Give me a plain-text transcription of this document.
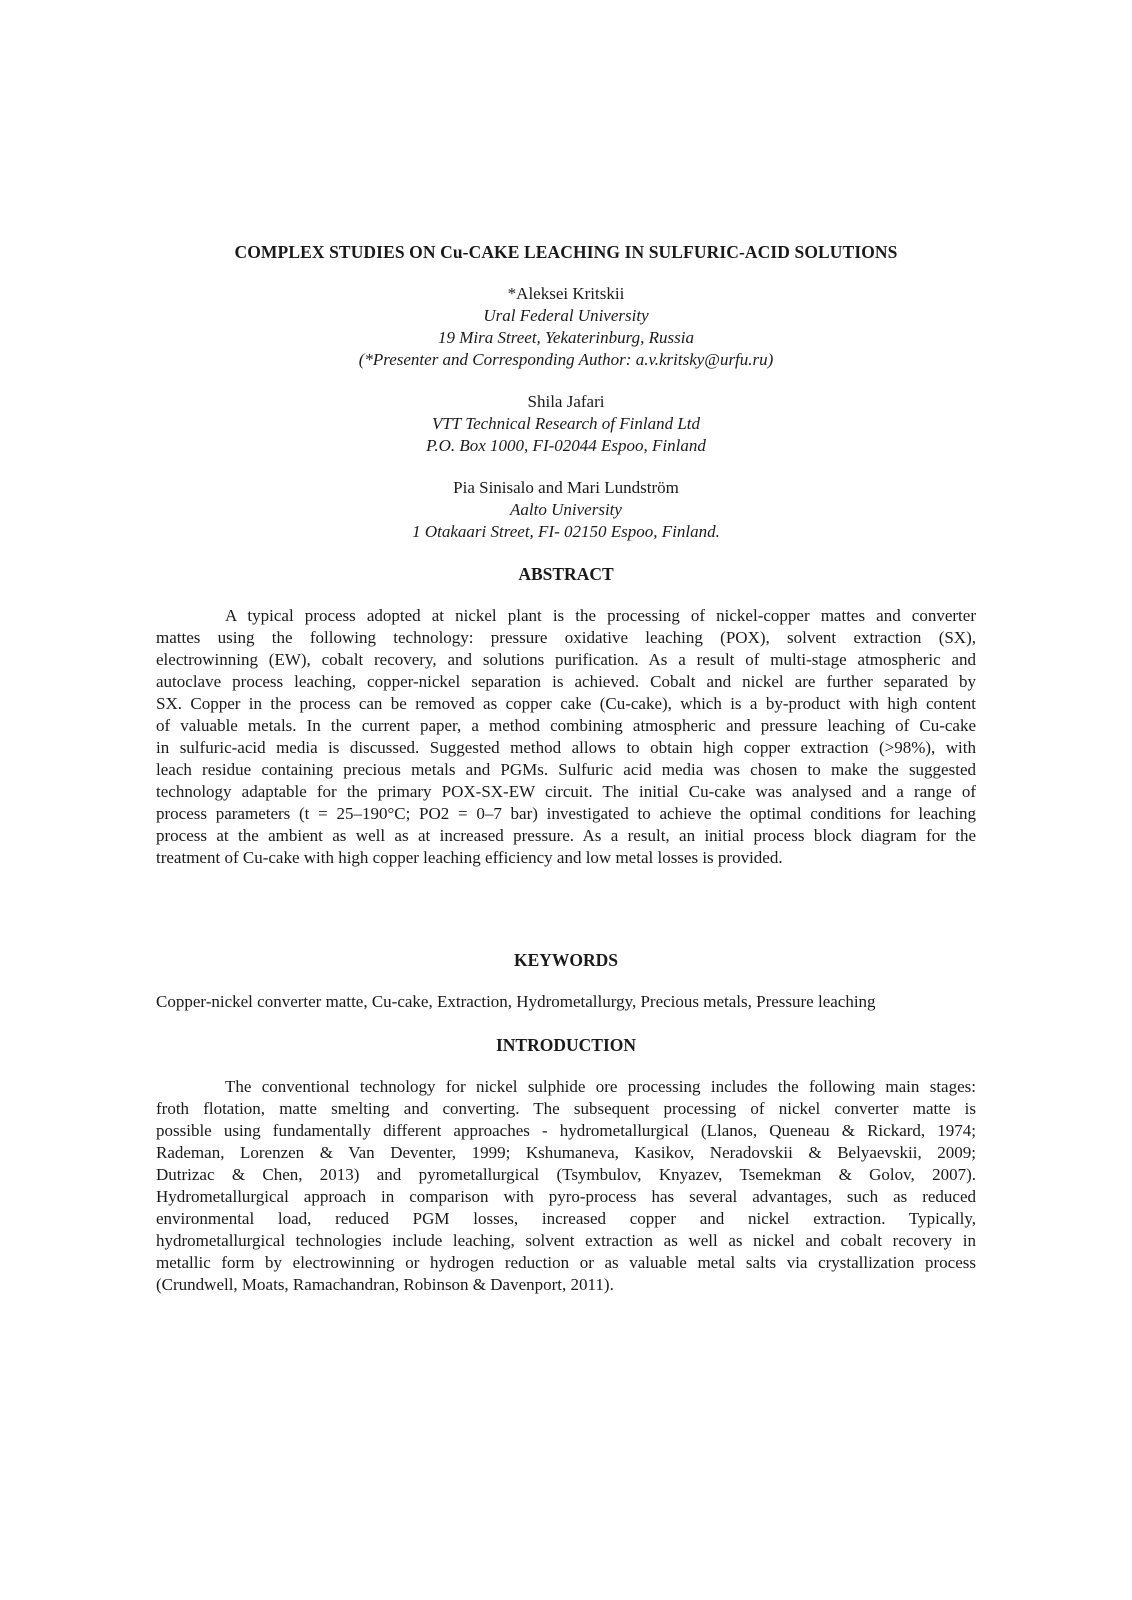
COMPLEX STUDIES ON Cu-CAKE LEACHING IN SULFURIC-ACID SOLUTIONS
*Aleksei Kritskii
Ural Federal University
19 Mira Street, Yekaterinburg, Russia
(*Presenter and Corresponding Author: a.v.kritsky@urfu.ru)
Shila Jafari
VTT Technical Research of Finland Ltd
P.O. Box 1000, FI-02044 Espoo, Finland
Pia Sinisalo and Mari Lundström
Aalto University
1 Otakaari Street, FI- 02150 Espoo, Finland.
ABSTRACT
A typical process adopted at nickel plant is the processing of nickel-copper mattes and converter
mattes using the following technology: pressure oxidative leaching (POX), solvent extraction (SX),
electrowinning (EW), cobalt recovery, and solutions purification. As a result of multi-stage atmospheric and
autoclave process leaching, copper-nickel separation is achieved. Cobalt and nickel are further separated by
SX. Copper in the process can be removed as copper cake (Cu-cake), which is a by-product with high content
of valuable metals. In the current paper, a method combining atmospheric and pressure leaching of Cu-cake
in sulfuric-acid media is discussed. Suggested method allows to obtain high copper extraction (>98%), with
leach residue containing precious metals and PGMs. Sulfuric acid media was chosen to make the suggested
technology adaptable for the primary POX-SX-EW circuit. The initial Cu-cake was analysed and a range of
process parameters (t = 25–190°C; PO2 = 0–7 bar) investigated to achieve the optimal conditions for leaching
process at the ambient as well as at increased pressure. As a result, an initial process block diagram for the
treatment of Cu-cake with high copper leaching efficiency and low metal losses is provided.
KEYWORDS
Copper-nickel converter matte, Cu-cake, Extraction, Hydrometallurgy, Precious metals, Pressure leaching
INTRODUCTION
The conventional technology for nickel sulphide ore processing includes the following main stages:
froth flotation, matte smelting and converting. The subsequent processing of nickel converter matte is
possible using fundamentally different approaches - hydrometallurgical (Llanos, Queneau & Rickard, 1974;
Rademan, Lorenzen & Van Deventer, 1999; Kshumaneva, Kasikov, Neradovskii & Belyaevskii, 2009;
Dutrizac & Chen, 2013) and pyrometallurgical (Tsymbulov, Knyazev, Tsemekman & Golov, 2007).
Hydrometallurgical approach in comparison with pyro-process has several advantages, such as reduced
environmental load, reduced PGM losses, increased copper and nickel extraction. Typically,
hydrometallurgical technologies include leaching, solvent extraction as well as nickel and cobalt recovery in
metallic form by electrowinning or hydrogen reduction or as valuable metal salts via crystallization process
(Crundwell, Moats, Ramachandran, Robinson & Davenport, 2011).
